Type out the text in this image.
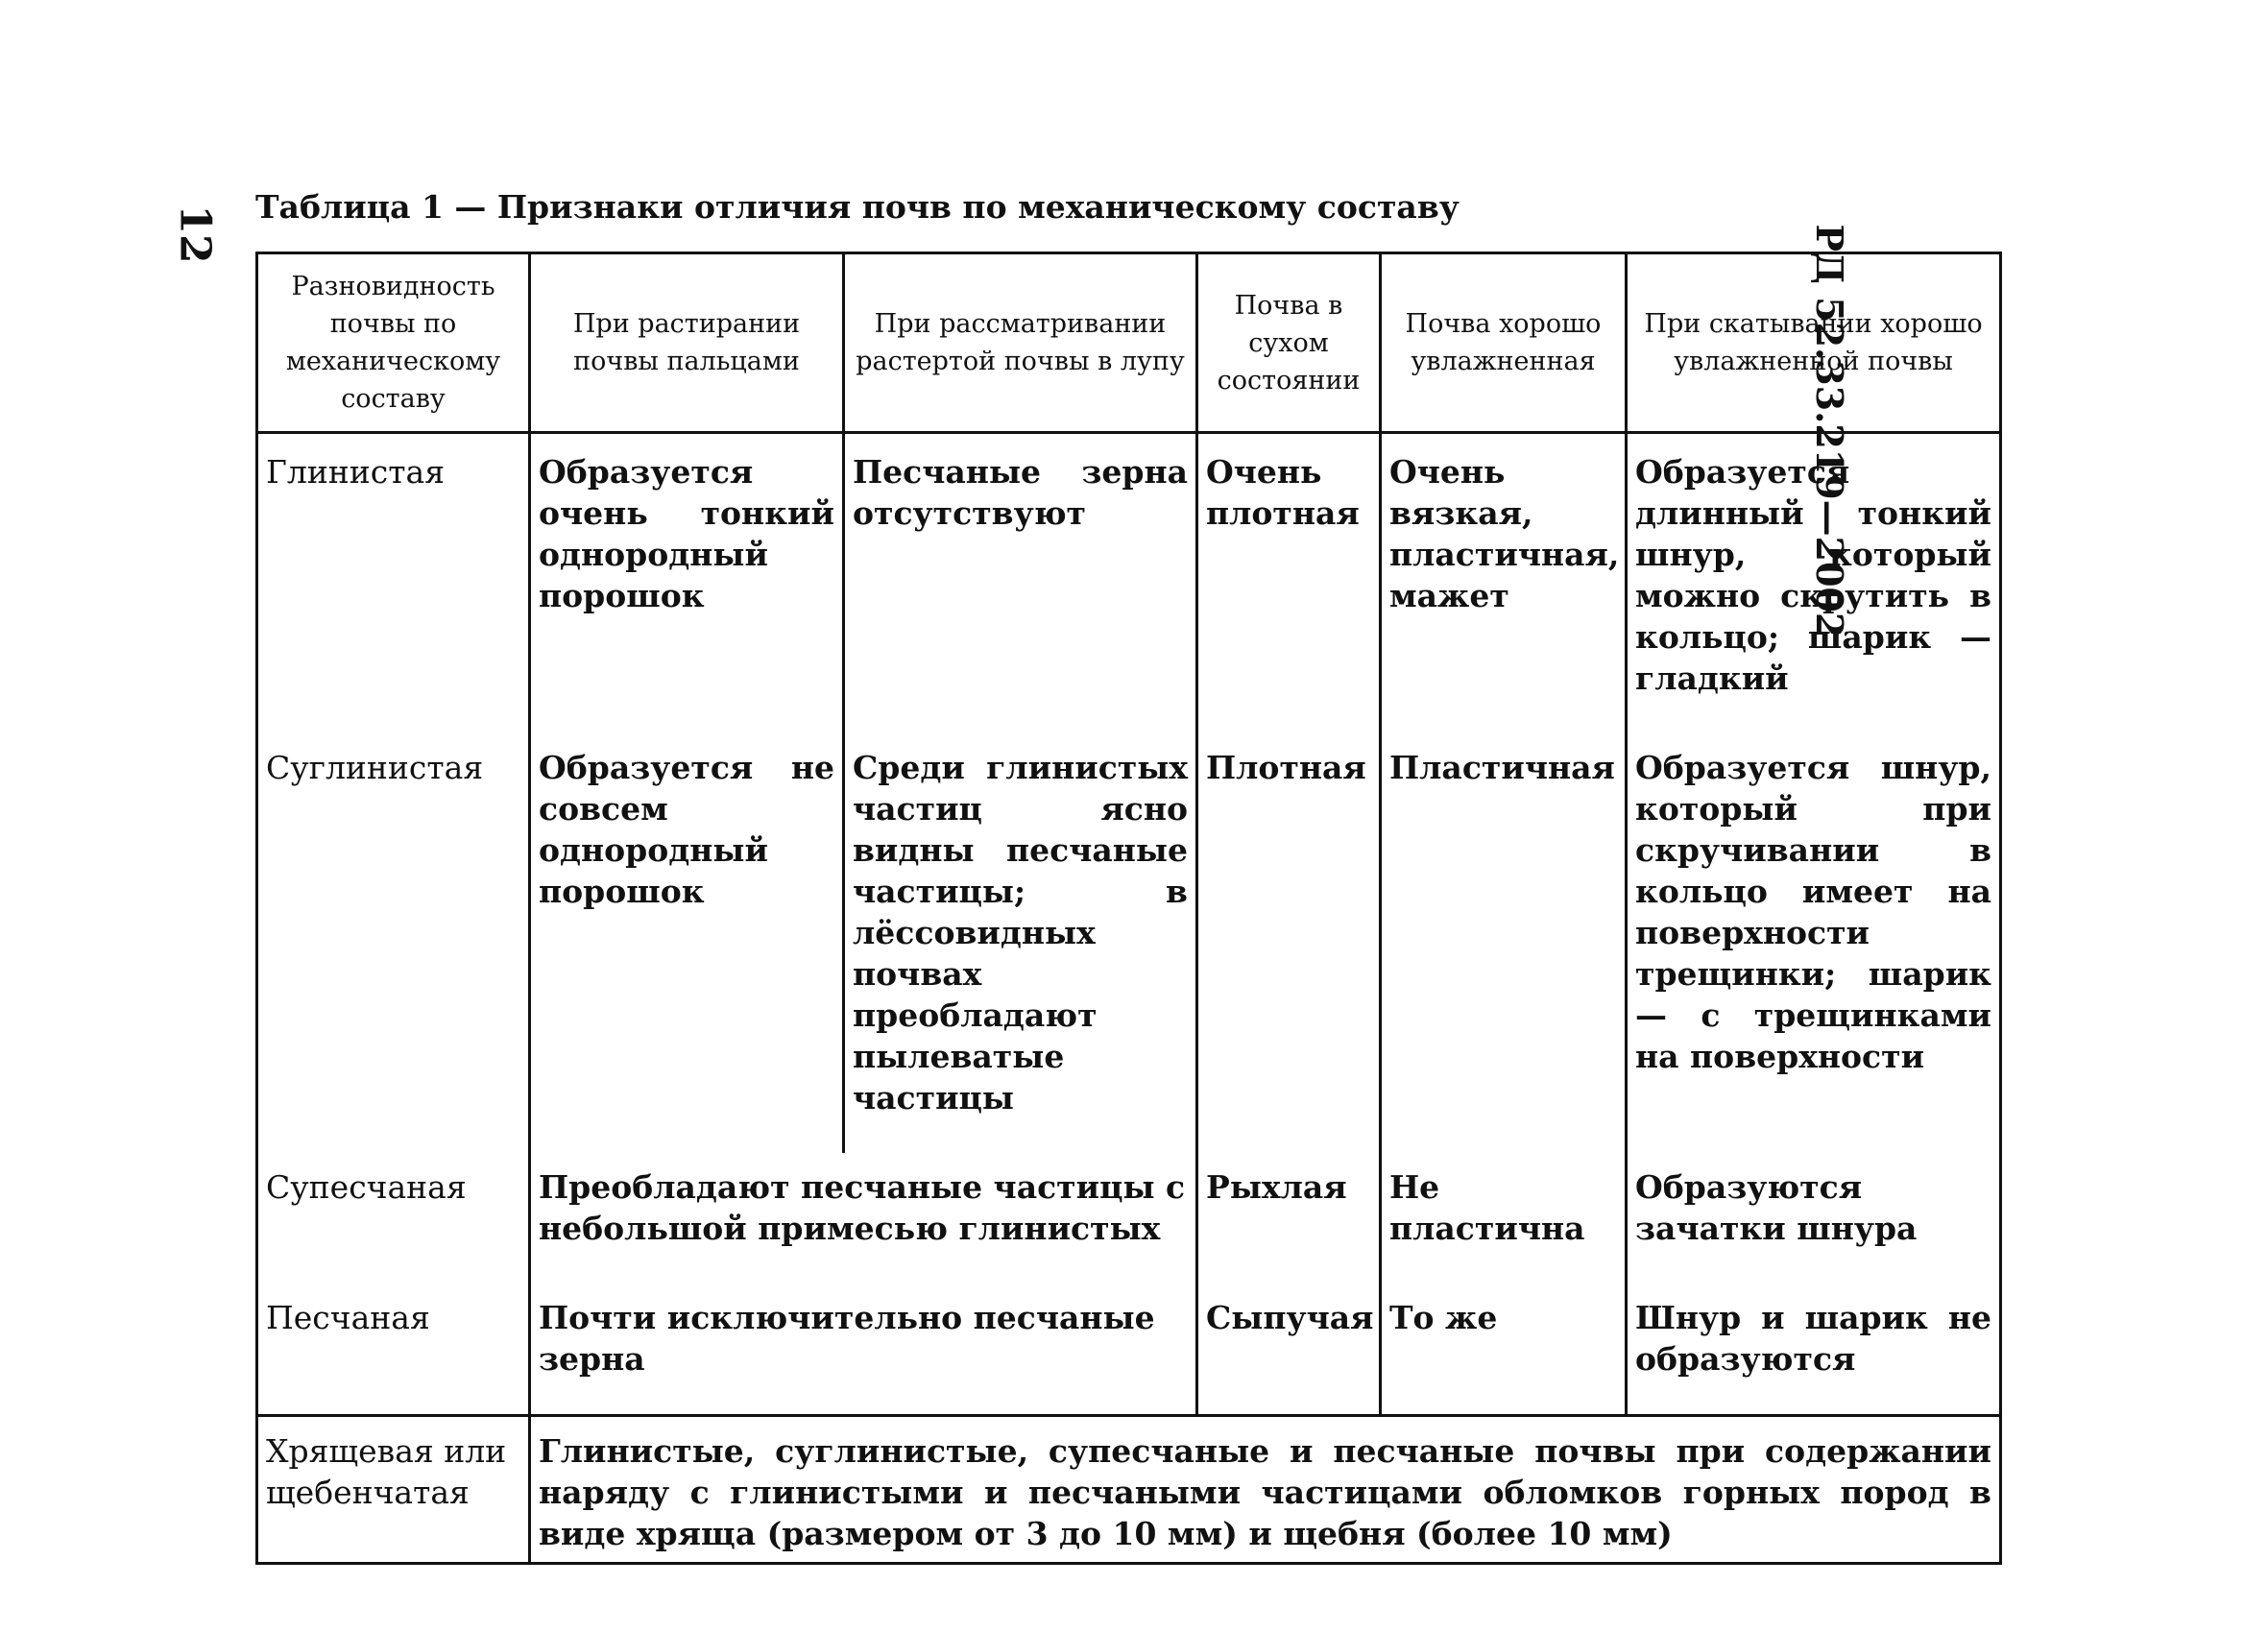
12	РД 52.33.219—2002
Таблица 1 — Признаки отличия почв по механическому составу
Разновидность почвы по механическому составу	При растирании почвы пальцами	При рассматривании растертой почвы в лупу	Почва в сухом состоянии	Почва хорошо увлажненная	При скатывании хорошо увлажненной почвы
Глинистая	Образуется очень тонкий однородный порошок	Песчаные зерна отсутствуют	Очень плотная	Очень вязкая, пластичная, мажет	Образуется длинный тонкий шнур, который можно скрутить в кольцо; шарик — гладкий
Суглинистая	Образуется не совсем однородный порошок	Среди глинистых частиц ясно видны песчаные частицы; в лёссовидных почвах преобладают пылеватые частицы	Плотная	Пластичная	Образуется шнур, который при скручивании в кольцо имеет на поверхности трещинки; шарик — с трещинками на поверхности
Супесчаная	Преобладают песчаные частицы с небольшой примесью глинистых		Рыхлая	Не пластична	Образуются зачатки шнура
Песчаная	Почти исключительно песчаные зерна		Сыпучая	То же	Шнур и шарик не образуются
Хрящевая или щебенчатая	Глинистые, суглинистые, супесчаные и песчаные почвы при содержании наряду с глинистыми и песчаными частицами обломков горных пород в виде хряща (размером от 3 до 10 мм) и щебня (более 10 мм)				
